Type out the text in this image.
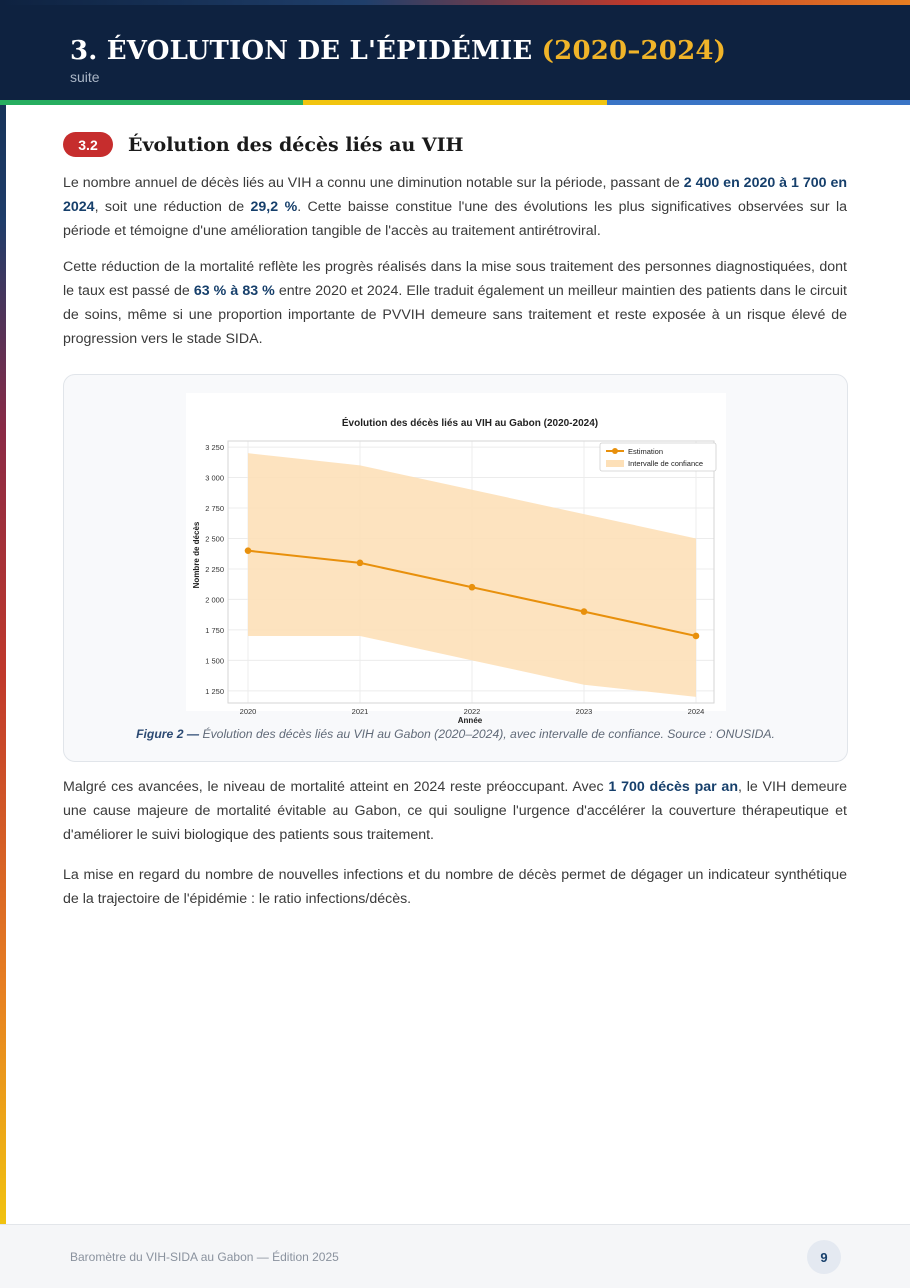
3. ÉVOLUTION DE L'ÉPIDÉMIE (2020–2024)
suite
3.2	Évolution des décès liés au VIH

Le nombre annuel de décès liés au VIH a connu une diminution notable sur la période, passant de 2 400 en 2020 à 1 700 en 2024, soit une réduction de 29,2 %. Cette baisse constitue l'une des évolutions les plus significatives observées sur la période et témoigne d'une amélioration tangible de l'accès au traitement antirétroviral.

Cette réduction de la mortalité reflète les progrès réalisés dans la mise sous traitement des personnes diagnostiquées, dont le taux est passé de 63 % à 83 % entre 2020 et 2024. Elle traduit également un meilleur maintien des patients dans le circuit de soins, même si une proportion importante de PVVIH demeure sans traitement et reste exposée à un risque élevé de progression vers le stade SIDA.

Évolution des décès liés au VIH au Gabon (2020-2024)
1 250
1 500
1 750
2 000
2 250
2 500
2 750
3 000
3 250
2020	2021	2022	2023	2024
Année
Nombre de décès
Estimation
Intervalle de confiance
Figure 2 — Évolution des décès liés au VIH au Gabon (2020–2024), avec intervalle de confiance. Source : ONUSIDA.

Malgré ces avancées, le niveau de mortalité atteint en 2024 reste préoccupant. Avec 1 700 décès par an, le VIH demeure une cause majeure de mortalité évitable au Gabon, ce qui souligne l'urgence d'accélérer la couverture thérapeutique et d'améliorer le suivi biologique des patients sous traitement.

La mise en regard du nombre de nouvelles infections et du nombre de décès permet de dégager un indicateur synthétique de la trajectoire de l'épidémie : le ratio infections/décès.

Baromètre du VIH-SIDA au Gabon — Édition 2025	9
